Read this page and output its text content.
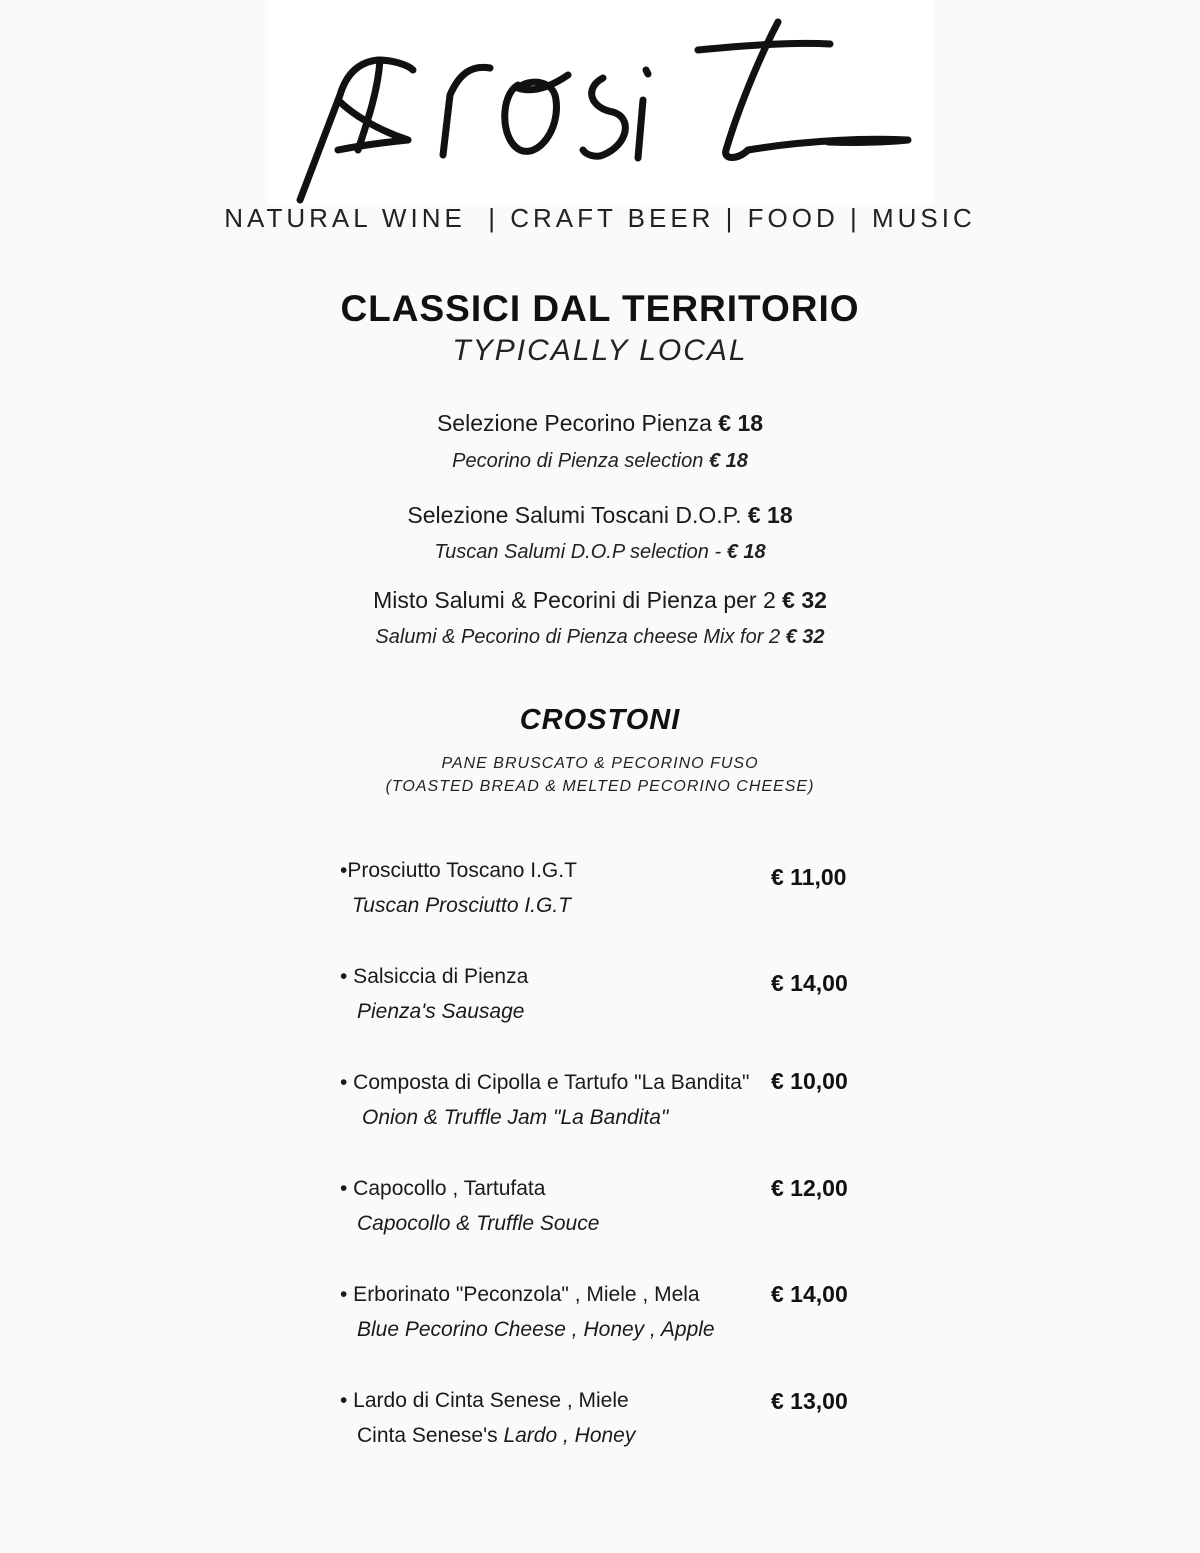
NATURAL WINE  | CRAFT BEER | FOOD | MUSIC
CLASSICI DAL TERRITORIO
TYPICALLY LOCAL
Selezione Pecorino Pienza € 18
Pecorino di Pienza selection € 18
Selezione Salumi Toscani D.O.P. € 18
Tuscan Salumi D.O.P selection - € 18
Misto Salumi & Pecorini di Pienza per 2 € 32
Salumi & Pecorino di Pienza cheese Mix for 2 € 32
CROSTONI
PANE BRUSCATO & PECORINO FUSO
(TOASTED BREAD & MELTED PECORINO CHEESE)
•Prosciutto Toscano I.G.T
Tuscan Prosciutto I.G.T
€ 11,00
• Salsiccia di Pienza
Pienza's Sausage
€ 14,00
• Composta di Cipolla e Tartufo "La Bandita"
Onion & Truffle Jam "La Bandita"
€ 10,00
• Capocollo , Tartufata
Capocollo & Truffle Souce
€ 12,00
• Erborinato "Peconzola" , Miele , Mela
Blue Pecorino Cheese , Honey , Apple
€ 14,00
• Lardo di Cinta Senese , Miele
Cinta Senese's Lardo , Honey
€ 13,00
